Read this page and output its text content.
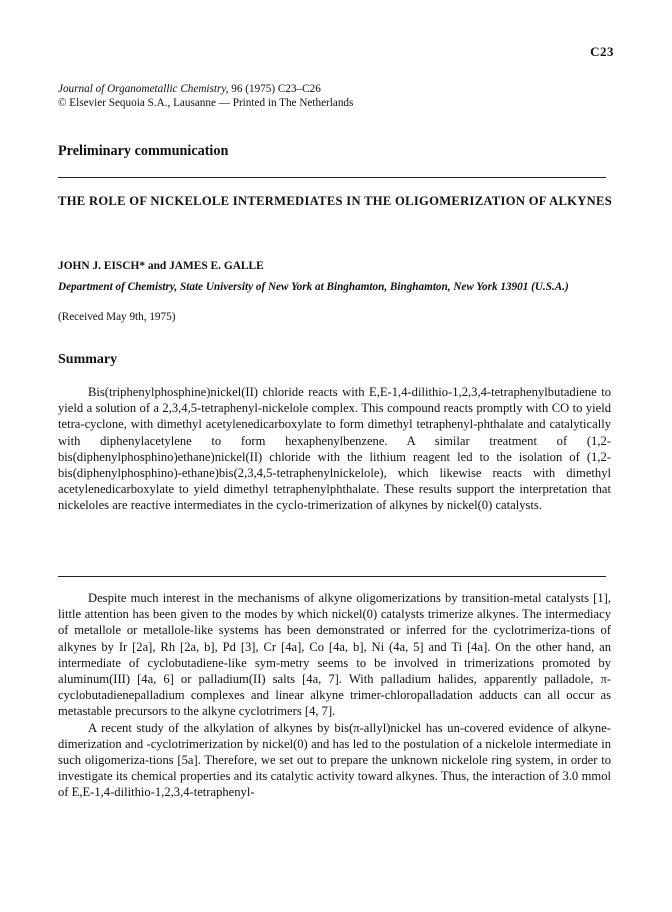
C23
Journal of Organometallic Chemistry, 96 (1975) C23–C26
© Elsevier Sequoia S.A., Lausanne — Printed in The Netherlands
Preliminary communication
THE ROLE OF NICKELOLE INTERMEDIATES IN THE OLIGOMERIZATION OF ALKYNES
JOHN J. EISCH* and JAMES E. GALLE
Department of Chemistry, State University of New York at Binghamton, Binghamton, New York 13901 (U.S.A.)
(Received May 9th, 1975)
Summary

Bis(triphenylphosphine)nickel(II) chloride reacts with E,E-1,4-dilithio-1,2,3,4-tetraphenylbutadiene to yield a solution of a 2,3,4,5-tetraphenyl-nickelole complex. This compound reacts promptly with CO to yield tetra-cyclone, with dimethyl acetylenedicarboxylate to form dimethyl tetraphenyl-phthalate and catalytically with diphenylacetylene to form hexaphenylbenzene. A similar treatment of (1,2-bis(diphenylphosphino)ethane)nickel(II) chloride with the lithium reagent led to the isolation of (1,2-bis(diphenylphosphino)-ethane)bis(2,3,4,5-tetraphenylnickelole), which likewise reacts with dimethyl acetylenedicarboxylate to yield dimethyl tetraphenylphthalate. These results support the interpretation that nickeloles are reactive intermediates in the cyclo-trimerization of alkynes by nickel(0) catalysts.

Despite much interest in the mechanisms of alkyne oligomerizations by transition-metal catalysts [1], little attention has been given to the modes by which nickel(0) catalysts trimerize alkynes. The intermediacy of metallole or metallole-like systems has been demonstrated or inferred for the cyclotrimeriza-tions of alkynes by Ir [2a], Rh [2a, b], Pd [3], Cr [4a], Co [4a, b], Ni (4a, 5] and Ti [4a]. On the other hand, an intermediate of cyclobutadiene-like sym-metry seems to be involved in trimerizations promoted by aluminum(III) [4a, 6] or palladium(II) salts [4a, 7]. With palladium halides, apparently palladole, π-cyclobutadienepalladium complexes and linear alkyne trimer-chloropalladation adducts can all occur as metastable precursors to the alkyne cyclotrimers [4, 7].

A recent study of the alkylation of alkynes by bis(π-allyl)nickel has un-covered evidence of alkyne-dimerization and -cyclotrimerization by nickel(0) and has led to the postulation of a nickelole intermediate in such oligomeriza-tions [5a]. Therefore, we set out to prepare the unknown nickelole ring system, in order to investigate its chemical properties and its catalytic activity toward alkynes. Thus, the interaction of 3.0 mmol of E,E-1,4-dilithio-1,2,3,4-tetraphenyl-
